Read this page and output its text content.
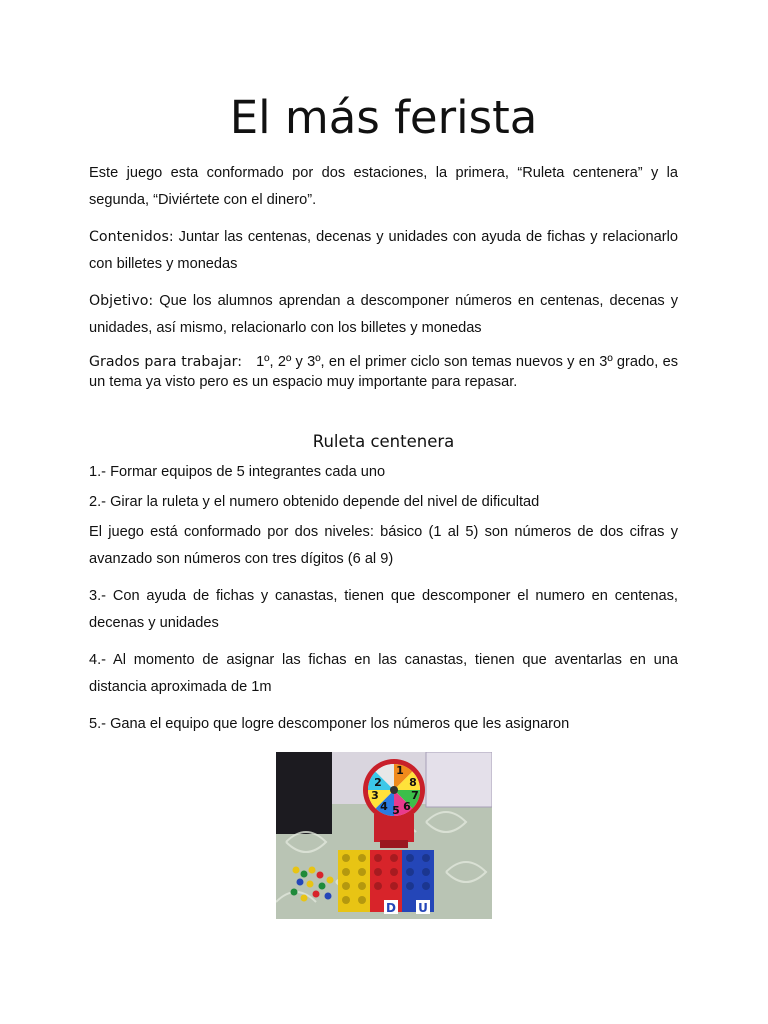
El más ferista

Este juego esta conformado por dos estaciones, la primera, “Ruleta centenera” y la segunda, “Diviértete con el dinero”.

Contenidos: Juntar las centenas, decenas y unidades con ayuda de fichas y relacionarlo con billetes y monedas

Objetivo: Que los alumnos aprendan a descomponer números en centenas, decenas y unidades, así mismo, relacionarlo con los billetes y monedas

Grados para trabajar: 1º, 2º y 3º, en el primer ciclo son temas nuevos y en 3º grado, es un tema ya visto pero es un espacio muy importante para repasar.

Ruleta centenera

1.- Formar equipos de 5 integrantes cada uno

2.- Girar la ruleta y el numero obtenido depende del nivel de dificultad

El juego está conformado por dos niveles: básico (1 al 5) son números de dos cifras y avanzado son números con tres dígitos (6 al 9)

3.- Con ayuda de fichas y canastas, tienen que descomponer el numero en centenas, decenas y unidades

4.- Al momento de asignar las fichas en las canastas, tienen que aventarlas en una distancia aproximada de 1m

5.- Gana el equipo que logre descomponer los números que les asignaron

1
2
3
4 5 6
7
8
D U
